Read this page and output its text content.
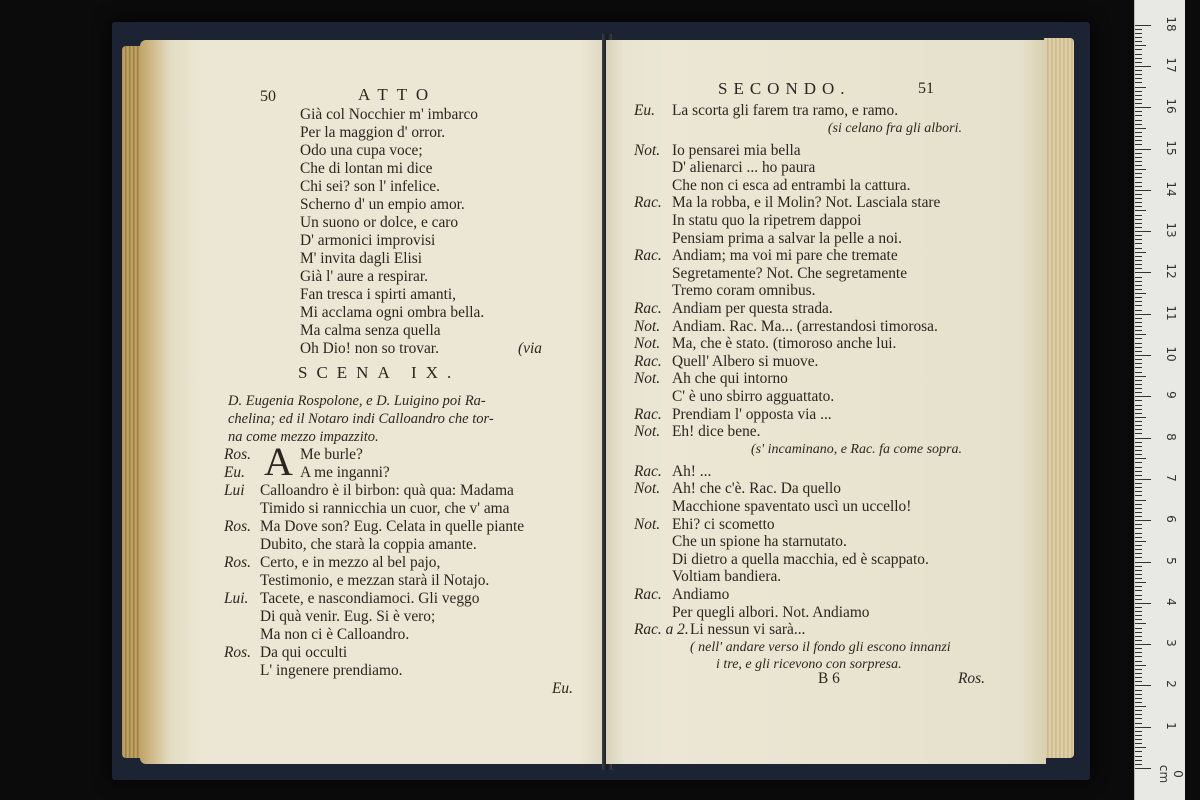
50	ATTO
Già col Nocchier m' imbarco
Per la maggion d' orror.
Odo una cupa voce;
Che di lontan mi dice
Chi sei? son l' infelice.
Scherno d' un empio amor.
Un suono or dolce, e caro
D' armonici improvisi
M' invita dagli Elisi
Già l' aure a respirar.
Fan tresca i spirti amanti,
Mi acclama ogni ombra bella.
Ma calma senza quella
Oh Dio! non so trovar.	(via
SCENA IX.
D. Eugenia Rospolone, e D. Luigino poi Ra-
chelina; ed il Notaro indi Calloandro che tor-
na come mezzo impazzito.
A
Ros.	Me burle?
Eu.	A me inganni?
Lui Calloandro è il birbon: quà qua: Madama
Timido si rannicchia un cuor, che v' ama
Ros. Ma Dove son? Eug. Celata in quelle piante
Dubito, che starà la coppia amante.
Ros. Certo, e in mezzo al bel pajo,
Testimonio, e mezzan starà il Notajo.
Lui. Tacete, e nascondiamoci. Gli veggo
Di quà venir. Eug. Si è vero;
Ma non ci è Calloandro.
Ros. Da qui occulti
L' ingenere prendiamo.
Eu.
SECONDO.	51
Eu. La scorta gli farem tra ramo, e ramo.
(si celano fra gli albori.
Not. Io pensarei mia bella
D' alienarci ... ho paura
Che non ci esca ad entrambi la cattura.
Rac. Ma la robba, e il Molin? Not. Lasciala stare
In statu quo la ripetrem dappoi
Pensiam prima a salvar la pelle a noi.
Rac. Andiam; ma voi mi pare che tremate
Segretamente? Not. Che segretamente
Tremo coram omnibus.
Rac. Andiam per questa strada.
Not. Andiam. Rac. Ma... (arrestandosi timorosa.
Not. Ma, che è stato. (timoroso anche lui.
Rac. Quell' Albero si muove.
Not. Ah che qui intorno
C' è uno sbirro agguattato.
Rac. Prendiam l' opposta via ...
Not. Eh! dice bene.
(s' incaminano, e Rac. fa come sopra.
Rac. Ah! ...
Not. Ah! che c'è. Rac. Da quello
Macchione spaventato uscì un uccello!
Not. Ehi? ci scometto
Che un spione ha starnutato.
Di dietro a quella macchia, ed è scappato.
Voltiam bandiera.
Rac. Andiamo
Per quegli albori. Not. Andiamo
Rac. a 2. Li nessun vi sarà...
( nell' andare verso il fondo gli escono innanzi
i tre, e gli ricevono con sorpresa.
B 6	Ros.
0 cm
1
2
3
4
5
6
7
8
9
10
11
12
13
14
15
16
17
18
